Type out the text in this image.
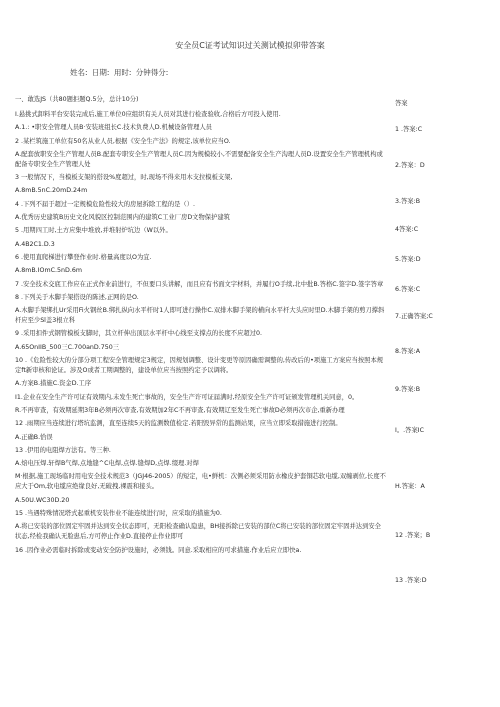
安全员C证考试知识过关测试模拟卯带答案
姓名: 日期: 用时: 分钟得分:

一、敢选JS（共80题拒题Q.5分，总计10分)

I.悬挑式卸料平台安装完成后,施工单位0应组织有关人员对其进行检查验收,合格后方可投入使用.

A.1.: •职安全管理人员B·安装班组长C.技术负费人D.机械设备管理人员

2 .某栏筑施工单位有50名从业人员,根据《安全生产法》的规定,该单位应当O.

A.配套放职安全生产管理人员B.配套专职安全生产管理人员C.因为规模较小,不需要配备安全生产沟理人员D.设置安全生产管理机构或配备专职安全生产管理人处

3 一般情况下，当模板支架的搭设%度超过，时,现场不得来用木支拉模板支架,

A.8mB.5nC.20mD.24m

4 .下列不届于超过一定规模危险性较大的房屋拆除工程的是（）.

A.优秀历史建筑B历史文化风貌区控制范围内的建筑C工业厂房D文物保护建筑

5 .用期四工时,土方应集中堆放,并堆射炉坑边（W以外。

A.4B2C1.D.3

6 .使用直爬梯进行攀登作业时.格量高度以O为宜.

A.8mB.IOmC.5nD.6m

7 .安全技术交底工作应在正式作业前进行，不但要口头讲解，而且应有书面文字材料，并履行O手续,北中批B.答格C.签字D.签字答章

8 .下列关于木脚手架搭设的陈述,正网的是O.

A.木脚手架绑扎Ur采用Fi火钢丝B.绑扎纵向水平杆时1人即可进行操作C.双排木脚手架的横向水平杆大头应时里D.木脚手架的剪刀撑斜杆应至少Sl盖3根立科

9 .采用扣件式钢管模板支脚时，其立杆伸出顶层水平杆中心线至支撑点的长度不应超过0.

A.65OnIIB_500三C.700anD.750三

10 .《危险性较大的分部分项工程安全管理规定3规定，因规划调整、设计变更等原因确需调整的,传改后的•项施工方案应当按照本规定ft新审核和论证。涉及O或者工期调整的，建设单位应当按照约定予以调将。

A.方案B.措施C.资金D.工序

I1.企业在安全生产许可证有效期内,未发生死亡事故的，安全生产许可证届满时,经原安全生产许可证颁发管理机关同意，0。

R.不再审查，有效期延期3年B必须再次审查,有效期加2年C不再审查,有效期辽至发生死亡事故D必须再次市企,重新办理

12 .雨期应当连续进行塔坑监测，直至连续5天的监测数值检定.若阳毁异常的监测站果，应当立即采取措施进行控制。

A.正确B.恰误

13 .伊用的电阻焊方法有。等三种.

A.焙电压焊.轩焊B气焊,点地缝^C电焊,点焊.缝焊D,点焊.缀理.对焊

M·根据,施工现场临时用电安全技术规范3（JGJ46-2005）的短定，电•鲜机：次侧必须采用防水橡皮护套铜芯软电缆,双缠剥位,长度不应大于Om,软电缆应绝缘良好,无破拽,裸震和接头。

A.50U.WC30D.20

15 .当遇特殊情况塔式起重机安装作业不能连续进行时，应采取的措施为0.

A.将已安装的部位固定牢固并达到安全状态即可，无阳检查确认隐患，BH接拆除已安装的部位C将已安装的部位固定牢固并达到安全状态,经检我确认无脸患后,方可停止作业D.直接停止作业即可

16 .因作业必需临时拆除或变动安全防护设施时，必须钱。同意.采取相应的可求措施.作业后应立即快a.

答案
1 .答案:C
2.答案：D
3.答案:B
4答案:C
5.答案:D
6.答案:C
7.正确答案;C
8.答案:A
9.答案:B
I。.答案IC
H.答案：A
12 .答案；B
13 .答案:D
